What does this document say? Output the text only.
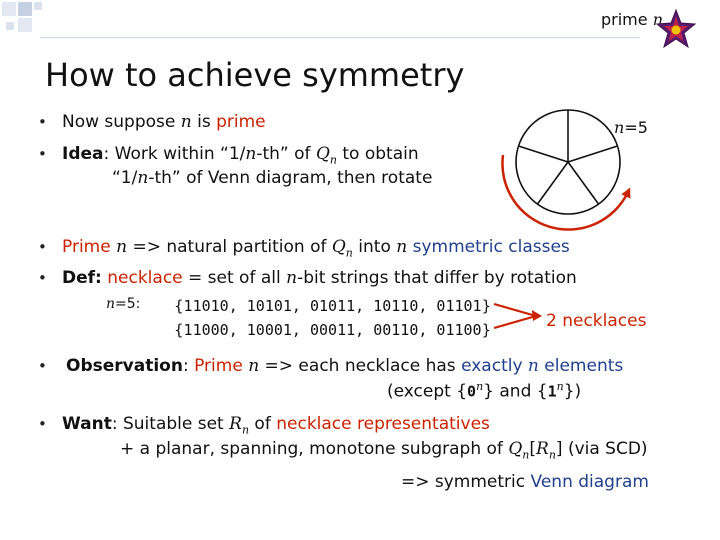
prime n
How to achieve symmetry
n=5
• Now suppose n is prime
• Idea: Work within “1/n-th” of $Q_n$ to obtain
“1/n-th” of Venn diagram, then rotate
• Prime n => natural partition of $Q_n$ into n symmetric classes
• Def: necklace = set of all n-bit strings that differ by rotation
n=5: {11010, 10101, 01011, 10110, 01101}
{11000, 10001, 00011, 00110, 01100}	2 necklaces
• Observation: Prime n => each necklace has exactly n elements
(except {0$^n$} and {1$^n$})
• Want: Suitable set $R_n$ of necklace representatives
+ a planar, spanning, monotone subgraph of $Q_n[R_n]$ (via SCD)
=> symmetric Venn diagram
